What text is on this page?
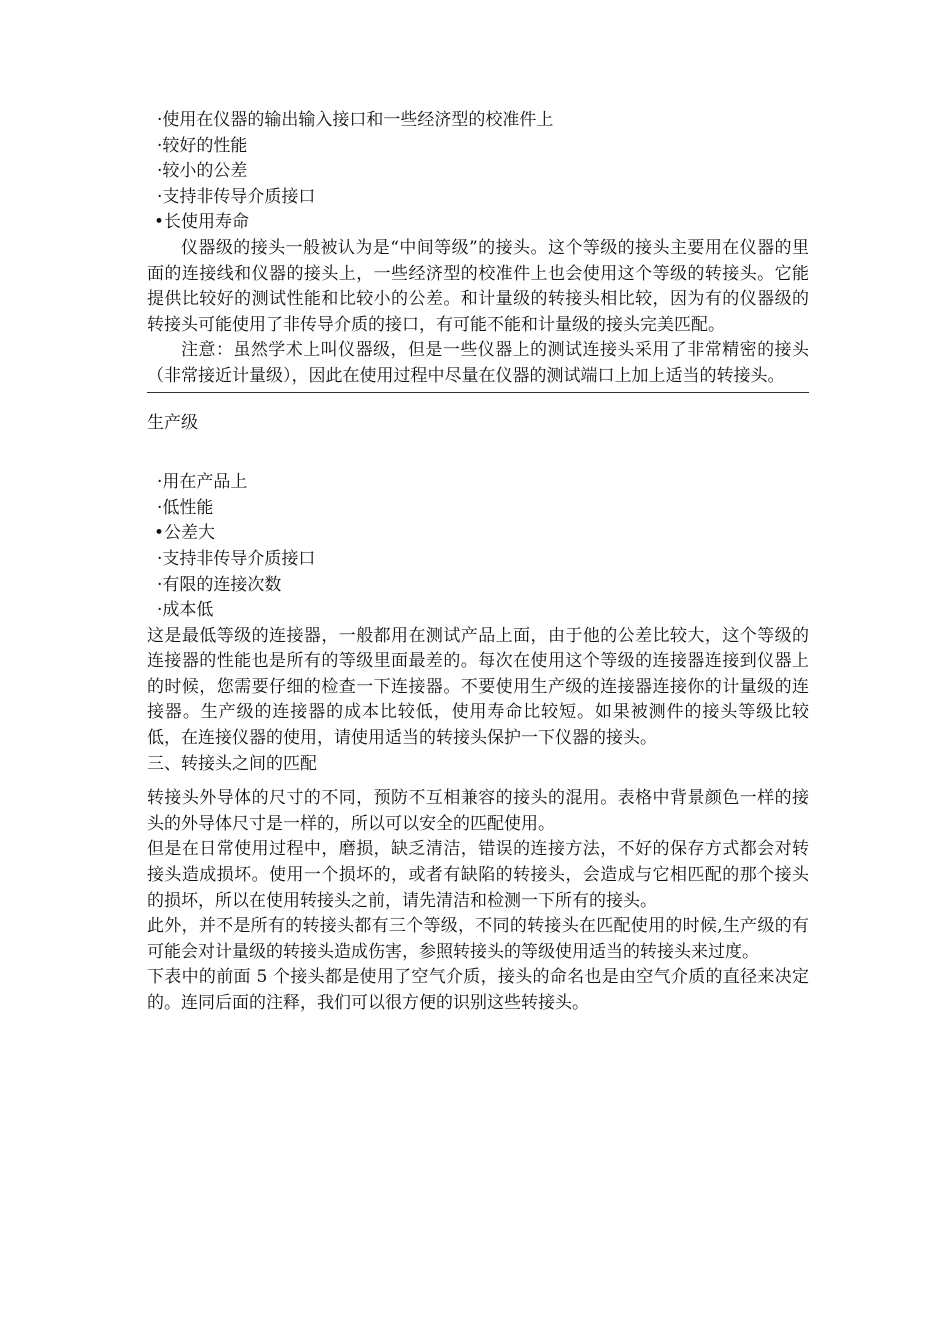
·使用在仪器的输出输入接口和一些经济型的校准件上
·较好的性能
·较小的公差
·支持非传导介质接口
•长使用寿命

仪器级的接头一般被认为是“中间等级”的接头。这个等级的接头主要用在仪器的里面的连接线和仪器的接头上，一些经济型的校准件上也会使用这个等级的转接头。它能提供比较好的测试性能和比较小的公差。和计量级的转接头相比较，因为有的仪器级的转接头可能使用了非传导介质的接口，有可能不能和计量级的接头完美匹配。

注意：虽然学术上叫仪器级，但是一些仪器上的测试连接头采用了非常精密的接头（非常接近计量级），因此在使用过程中尽量在仪器的测试端口上加上适当的转接头。

生产级

·用在产品上
·低性能
•公差大
·支持非传导介质接口
·有限的连接次数
·成本低

这是最低等级的连接器，一般都用在测试产品上面，由于他的公差比较大，这个等级的连接器的性能也是所有的等级里面最差的。每次在使用这个等级的连接器连接到仪器上的时候，您需要仔细的检查一下连接器。不要使用生产级的连接器连接你的计量级的连接器。生产级的连接器的成本比较低，使用寿命比较短。如果被测件的接头等级比较低，在连接仪器的使用，请使用适当的转接头保护一下仪器的接头。

三、转接头之间的匹配

转接头外导体的尺寸的不同，预防不互相兼容的接头的混用。表格中背景颜色一样的接头的外导体尺寸是一样的，所以可以安全的匹配使用。

但是在日常使用过程中，磨损，缺乏清洁，错误的连接方法，不好的保存方式都会对转接头造成损坏。使用一个损坏的，或者有缺陷的转接头，会造成与它相匹配的那个接头的损坏，所以在使用转接头之前，请先清洁和检测一下所有的接头。

此外，并不是所有的转接头都有三个等级，不同的转接头在匹配使用的时候,生产级的有可能会对计量级的转接头造成伤害，参照转接头的等级使用适当的转接头来过度。

下表中的前面 5 个接头都是使用了空气介质，接头的命名也是由空气介质的直径来决定的。连同后面的注释，我们可以很方便的识别这些转接头。
